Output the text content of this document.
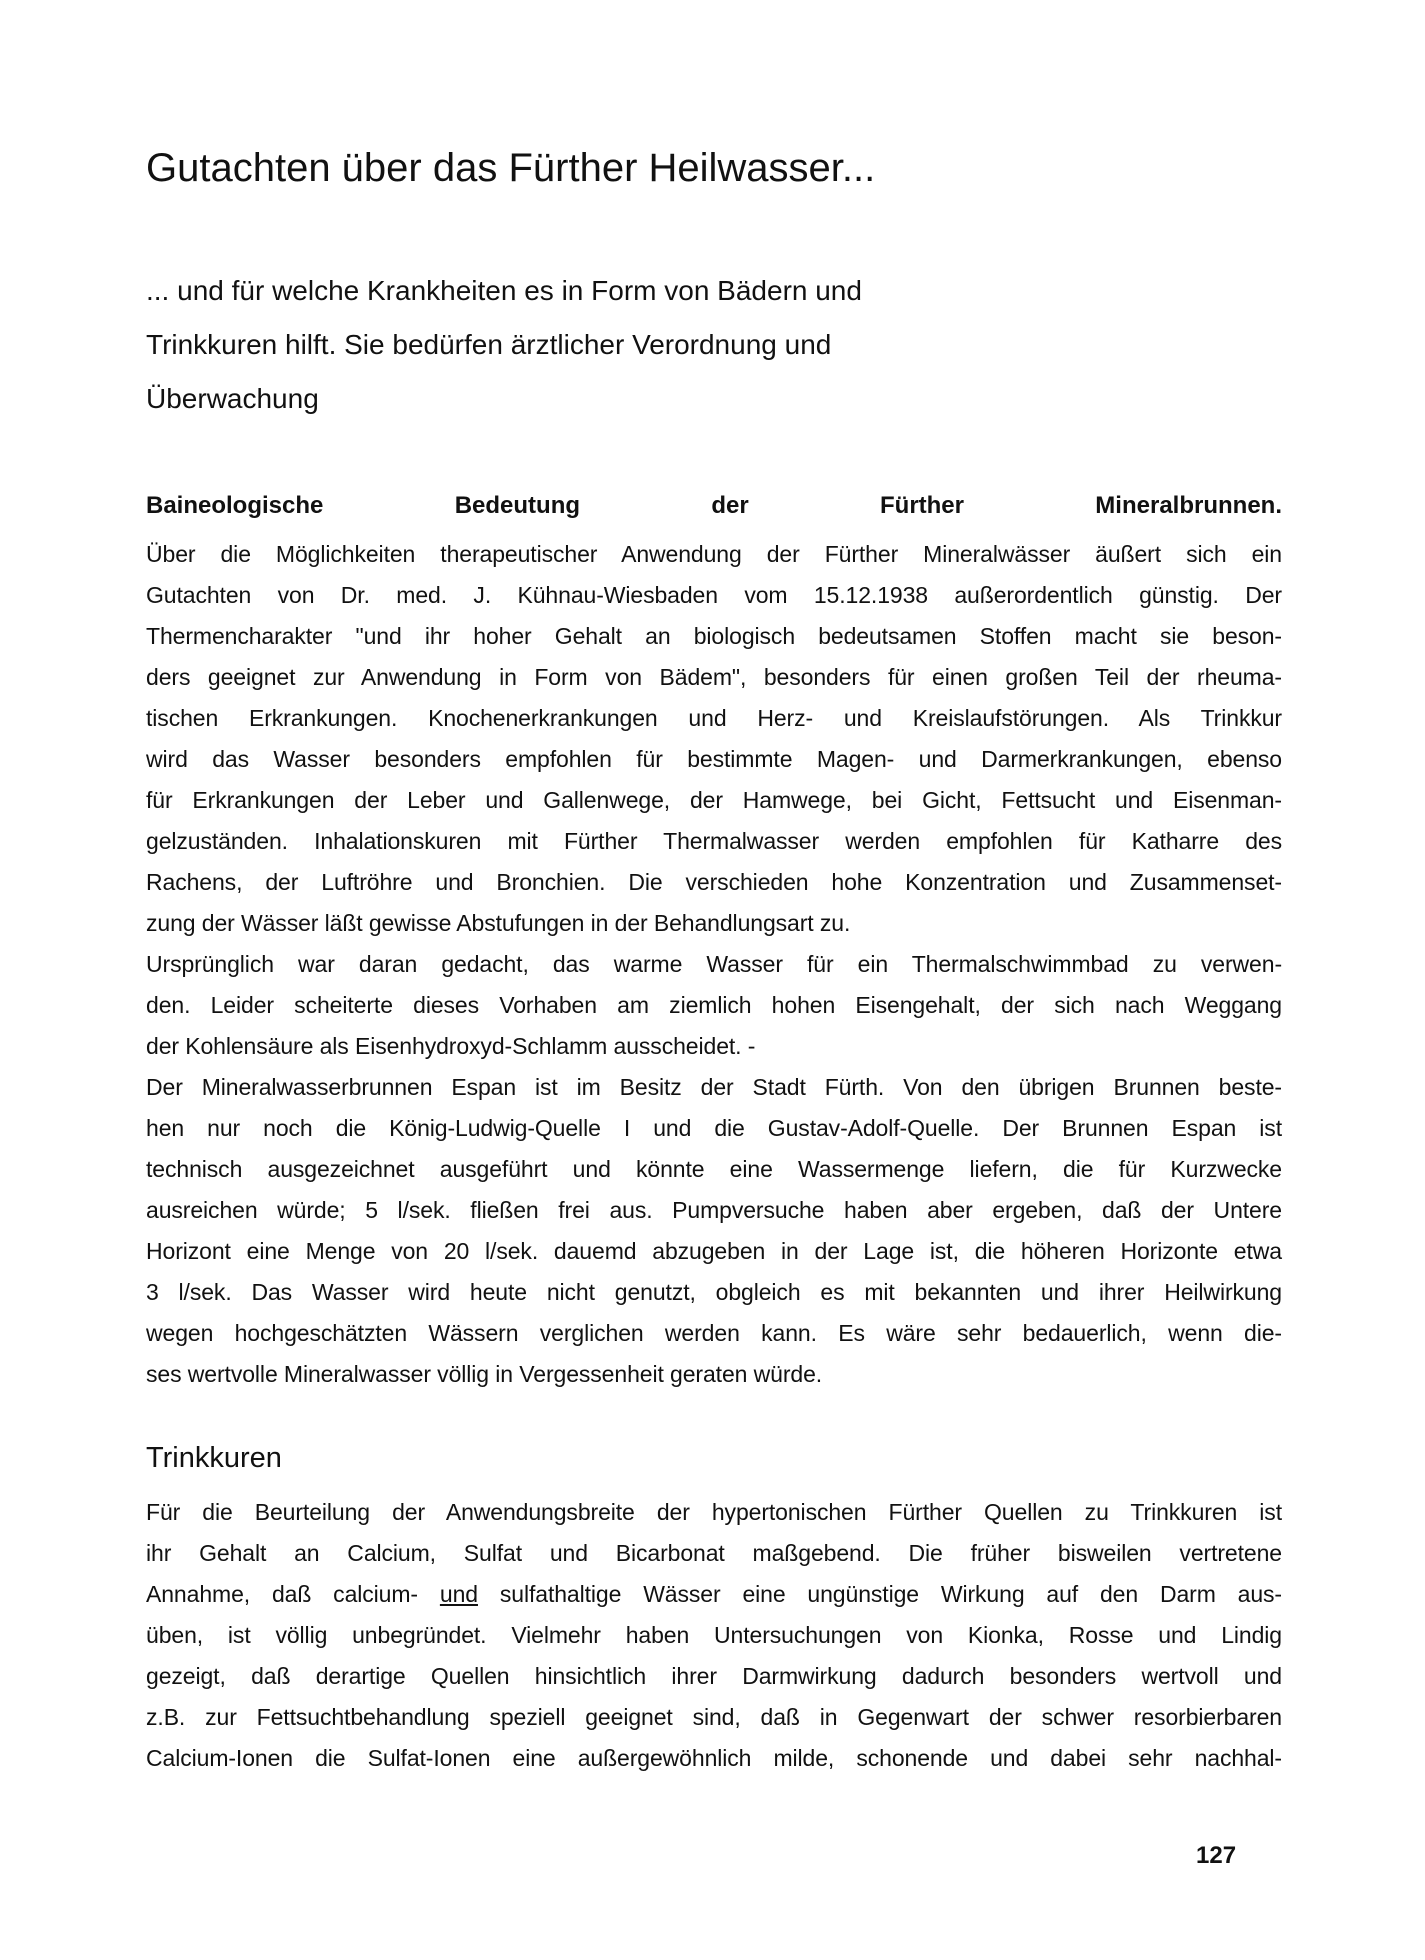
Gutachten über das Fürther Heilwasser...
... und für welche Krankheiten es in Form von Bädern und
Trinkkuren hilft. Sie bedürfen ärztlicher Verordnung und
Überwachung
Baineologische Bedeutung der Fürther Mineralbrunnen.
Über die Möglichkeiten therapeutischer Anwendung der Fürther Mineralwässer äußert sich ein
Gutachten von Dr. med. J. Kühnau-Wiesbaden vom 15.12.1938 außerordentlich günstig. Der
Thermencharakter "und ihr hoher Gehalt an biologisch bedeutsamen Stoffen macht sie beson-
ders geeignet zur Anwendung in Form von Bädem", besonders für einen großen Teil der rheuma-
tischen Erkrankungen. Knochenerkrankungen und Herz- und Kreislaufstörungen. Als Trinkkur
wird das Wasser besonders empfohlen für bestimmte Magen- und Darmerkrankungen, ebenso
für Erkrankungen der Leber und Gallenwege, der Hamwege, bei Gicht, Fettsucht und Eisenman-
gelzuständen. Inhalationskuren mit Fürther Thermalwasser werden empfohlen für Katharre des
Rachens, der Luftröhre und Bronchien. Die verschieden hohe Konzentration und Zusammenset-
zung der Wässer läßt gewisse Abstufungen in der Behandlungsart zu.
Ursprünglich war daran gedacht, das warme Wasser für ein Thermalschwimmbad zu verwen-
den. Leider scheiterte dieses Vorhaben am ziemlich hohen Eisengehalt, der sich nach Weggang
der Kohlensäure als Eisenhydroxyd-Schlamm ausscheidet. -
Der Mineralwasserbrunnen Espan ist im Besitz der Stadt Fürth. Von den übrigen Brunnen beste-
hen nur noch die König-Ludwig-Quelle I und die Gustav-Adolf-Quelle. Der Brunnen Espan ist
technisch ausgezeichnet ausgeführt und könnte eine Wassermenge liefern, die für Kurzwecke
ausreichen würde; 5 l/sek. fließen frei aus. Pumpversuche haben aber ergeben, daß der Untere
Horizont eine Menge von 20 l/sek. dauemd abzugeben in der Lage ist, die höheren Horizonte etwa
3 l/sek. Das Wasser wird heute nicht genutzt, obgleich es mit bekannten und ihrer Heilwirkung
wegen hochgeschätzten Wässern verglichen werden kann. Es wäre sehr bedauerlich, wenn die-
ses wertvolle Mineralwasser völlig in Vergessenheit geraten würde.
Trinkkuren
Für die Beurteilung der Anwendungsbreite der hypertonischen Fürther Quellen zu Trinkkuren ist
ihr Gehalt an Calcium, Sulfat und Bicarbonat maßgebend. Die früher bisweilen vertretene
Annahme, daß calcium- und sulfathaltige Wässer eine ungünstige Wirkung auf den Darm aus-
üben, ist völlig unbegründet. Vielmehr haben Untersuchungen von Kionka, Rosse und Lindig
gezeigt, daß derartige Quellen hinsichtlich ihrer Darmwirkung dadurch besonders wertvoll und
z.B. zur Fettsuchtbehandlung speziell geeignet sind, daß in Gegenwart der schwer resorbierbaren
Calcium-Ionen die Sulfat-Ionen eine außergewöhnlich milde, schonende und dabei sehr nachhal-
127
